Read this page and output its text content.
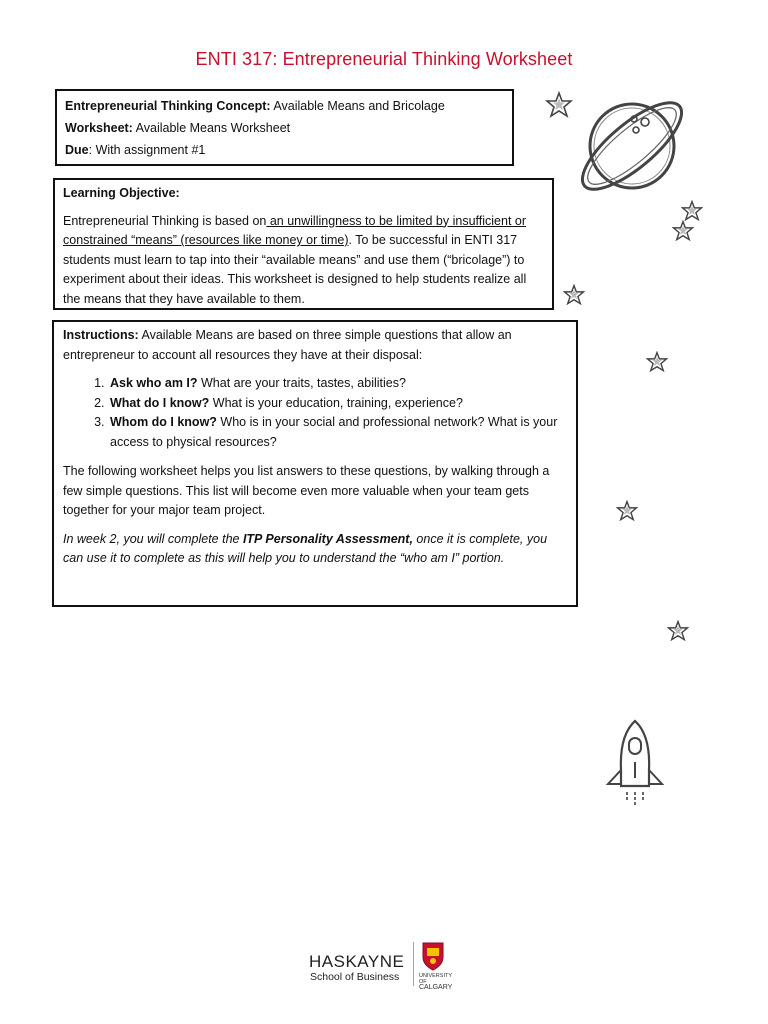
ENTI 317: Entrepreneurial Thinking Worksheet
Entrepreneurial Thinking Concept: Available Means and Bricolage
Worksheet: Available Means Worksheet
Due: With assignment #1

Learning Objective:

Entrepreneurial Thinking is based on an unwillingness to be limited by insufficient or constrained “means” (resources like money or time). To be successful in ENTI 317 students must learn to tap into their “available means” and use them (“bricolage”) to experiment about their ideas. This worksheet is designed to help students realize all the means that they have available to them.

Instructions: Available Means are based on three simple questions that allow an entrepreneur to account all resources they have at their disposal:

1. Ask who am I? What are your traits, tastes, abilities?
2. What do I know? What is your education, training, experience?
3. Whom do I know? Who is in your social and professional network? What is your access to physical resources?

The following worksheet helps you list answers to these questions, by walking through a few simple questions. This list will become even more valuable when your team gets together for your major team project.

In week 2, you will complete the ITP Personality Assessment, once it is complete, you can use it to complete as this will help you to understand the “who am I” portion.

HASKAYNE
School of Business	UNIVERSITY OF
CALGARY
